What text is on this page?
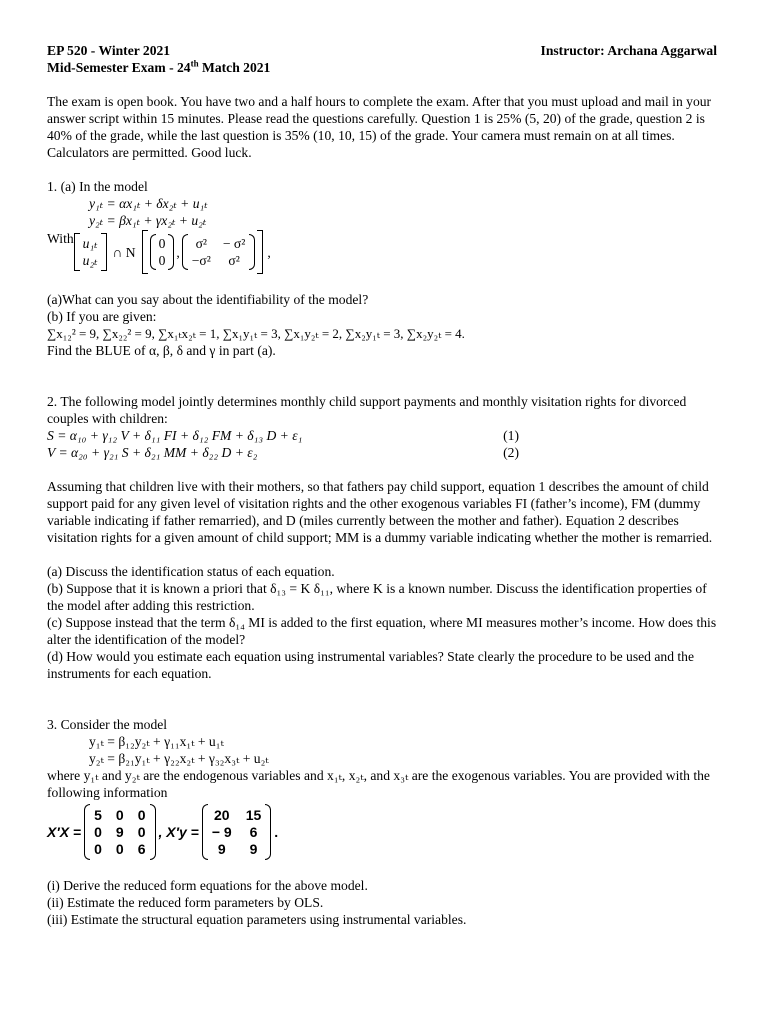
EP 520 - Winter 2021	Instructor: Archana Aggarwal
Mid-Semester Exam - 24th Match 2021

The exam is open book. You have two and a half hours to complete the exam. After that you must upload and mail in your answer script within 15 minutes. Please read the questions carefully. Question 1 is 25% (5, 20) of the grade, question 2 is 40% of the grade, while the last question is 35% (10, 10, 15) of the grade. Your camera must remain on at all times. Calculators are permitted. Good luck.

1. (a) In the model

y₁ₜ = αx₁ₜ + δx₂ₜ + u₁ₜ

y₂ₜ = βx₁ₜ + γx₂ₜ + u₂ₜ

With u₁ₜ
u₂ₜ
∩ N
0
0
,
σ² − σ²
−σ²	σ²
,

(a)What can you say about the identifiability of the model?

(b) If you are given:

∑x₁₂² = 9, ∑x₂₂² = 9, ∑x₁ₜx₂ₜ = 1, ∑x₁y₁ₜ = 3, ∑x₁y₂ₜ = 2, ∑x₂y₁ₜ = 3, ∑x₂y₂ₜ = 4.

Find the BLUE of α, β, δ and γ in part (a).

2. The following model jointly determines monthly child support payments and monthly visitation rights for divorced couples with children:

S = α₁₀ + γ₁₂ V + δ₁₁ FI + δ₁₂ FM + δ₁₃ D + ε₁	(1)
V = α₂₀ + γ₂₁ S + δ₂₁ MM + δ₂₂ D + ε₂	(2)

Assuming that children live with their mothers, so that fathers pay child support, equation 1 describes the amount of child support paid for any given level of visitation rights and the other exogenous variables FI (father’s income), FM (dummy variable indicating if father remarried), and D (miles currently between the mother and father). Equation 2 describes visitation rights for a given amount of child support; MM is a dummy variable indicating whether the mother is remarried.

(a) Discuss the identification status of each equation.

(b) Suppose that it is known a priori that δ₁₃ = K δ₁₁, where K is a known number. Discuss the identification properties of the model after adding this restriction.

(c) Suppose instead that the term δ₁₄ MI is added to the first equation, where MI measures mother’s income. How does this alter the identification of the model?

(d) How would you estimate each equation using instrumental variables? State clearly the procedure to be used and the instruments for each equation.

3. Consider the model

y₁ₜ = β₁₂y₂ₜ + γ₁₁x₁ₜ + u₁ₜ

y₂ₜ = β₂₁y₁ₜ + γ₂₂x₂ₜ + γ₃₂x₃ₜ + u₂ₜ

where y₁ₜ and y₂ₜ are the endogenous variables and x₁ₜ, x₂ₜ, and x₃ₜ are the exogenous variables. You are provided with the following information

X′X =
5 0 0
0 9 0
0 0 6
, X′y =
20 15
− 9 6
9	9
.

(i) Derive the reduced form equations for the above model.

(ii) Estimate the reduced form parameters by OLS.

(iii) Estimate the structural equation parameters using instrumental variables.
